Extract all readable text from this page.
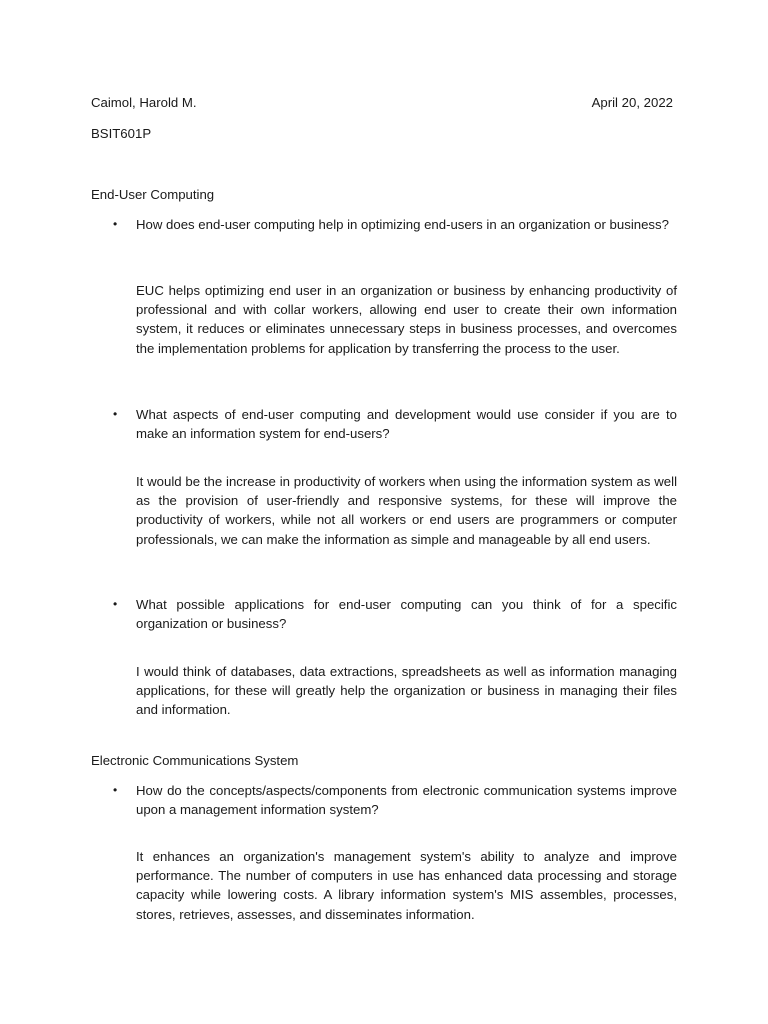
Caimol, Harold M.	April 20, 2022
BSIT601P
End-User Computing
•	How does end-user computing help in optimizing end-users in an organization or business?
EUC helps optimizing end user in an organization or business by enhancing productivity of professional and with collar workers, allowing end user to create their own information system, it reduces or eliminates unnecessary steps in business processes, and overcomes the implementation problems for application by transferring the process to the user.
•	What aspects of end-user computing and development would use consider if you are to make an information system for end-users?
It would be the increase in productivity of workers when using the information system as well as the provision of user-friendly and responsive systems, for these will improve the productivity of workers, while not all workers or end users are programmers or computer professionals, we can make the information as simple and manageable by all end users.
•	What possible applications for end-user computing can you think of for a specific organization or business?
I would think of databases, data extractions, spreadsheets as well as information managing applications, for these will greatly help the organization or business in managing their files and information.
Electronic Communications System
•	How do the concepts/aspects/components from electronic communication systems improve upon a management information system?
It enhances an organization's management system's ability to analyze and improve performance. The number of computers in use has enhanced data processing and storage capacity while lowering costs. A library information system's MIS assembles, processes, stores, retrieves, assesses, and disseminates information.
